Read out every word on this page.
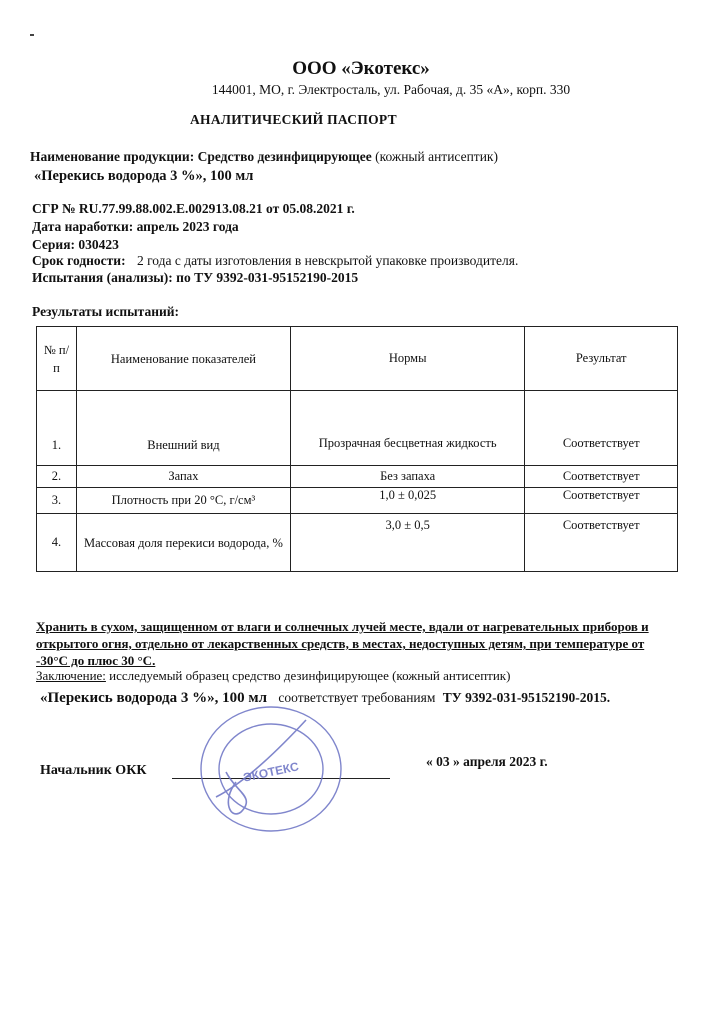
ООО «Экотекс»
144001, МО, г. Электросталь, ул. Рабочая, д. 35 «А», корп. 330
АНАЛИТИЧЕСКИЙ ПАСПОРТ
Наименование продукции: Средство дезинфицирующее (кожный антисептик)
«Перекись водорода 3 %», 100 мл
СГР № RU.77.99.88.002.E.002913.08.21 от 05.08.2021 г.
Дата наработки: апрель 2023 года
Серия: 030423
Срок годности: 2 года с даты изготовления в невскрытой упаковке производителя.
Испытания (анализы): по ТУ 9392-031-95152190-2015
Результаты испытаний:
№ п/п	Наименование показателей	Нормы	Результат
1.	Внешний вид	Прозрачная бесцветная жидкость	Соответствует
2.	Запах	Без запаха	Соответствует
3.	Плотность при 20 °С, г/см³	1,0 ± 0,025	Соответствует
4.	Массовая доля перекиси водорода, %	3,0 ± 0,5	Соответствует
Хранить в сухом, защищенном от влаги и солнечных лучей месте, вдали от нагревательных приборов и открытого огня, отдельно от лекарственных средств, в местах, недоступных детям, при температуре от -30°С до плюс 30 °С.
Заключение: исследуемый образец средство дезинфицирующее (кожный антисептик)
«Перекись водорода 3 %», 100 мл соответствует требованиям ТУ 9392-031-95152190-2015.
Начальник ОКК
« 03 » апреля 2023 г.
ЭКОТЕКС
